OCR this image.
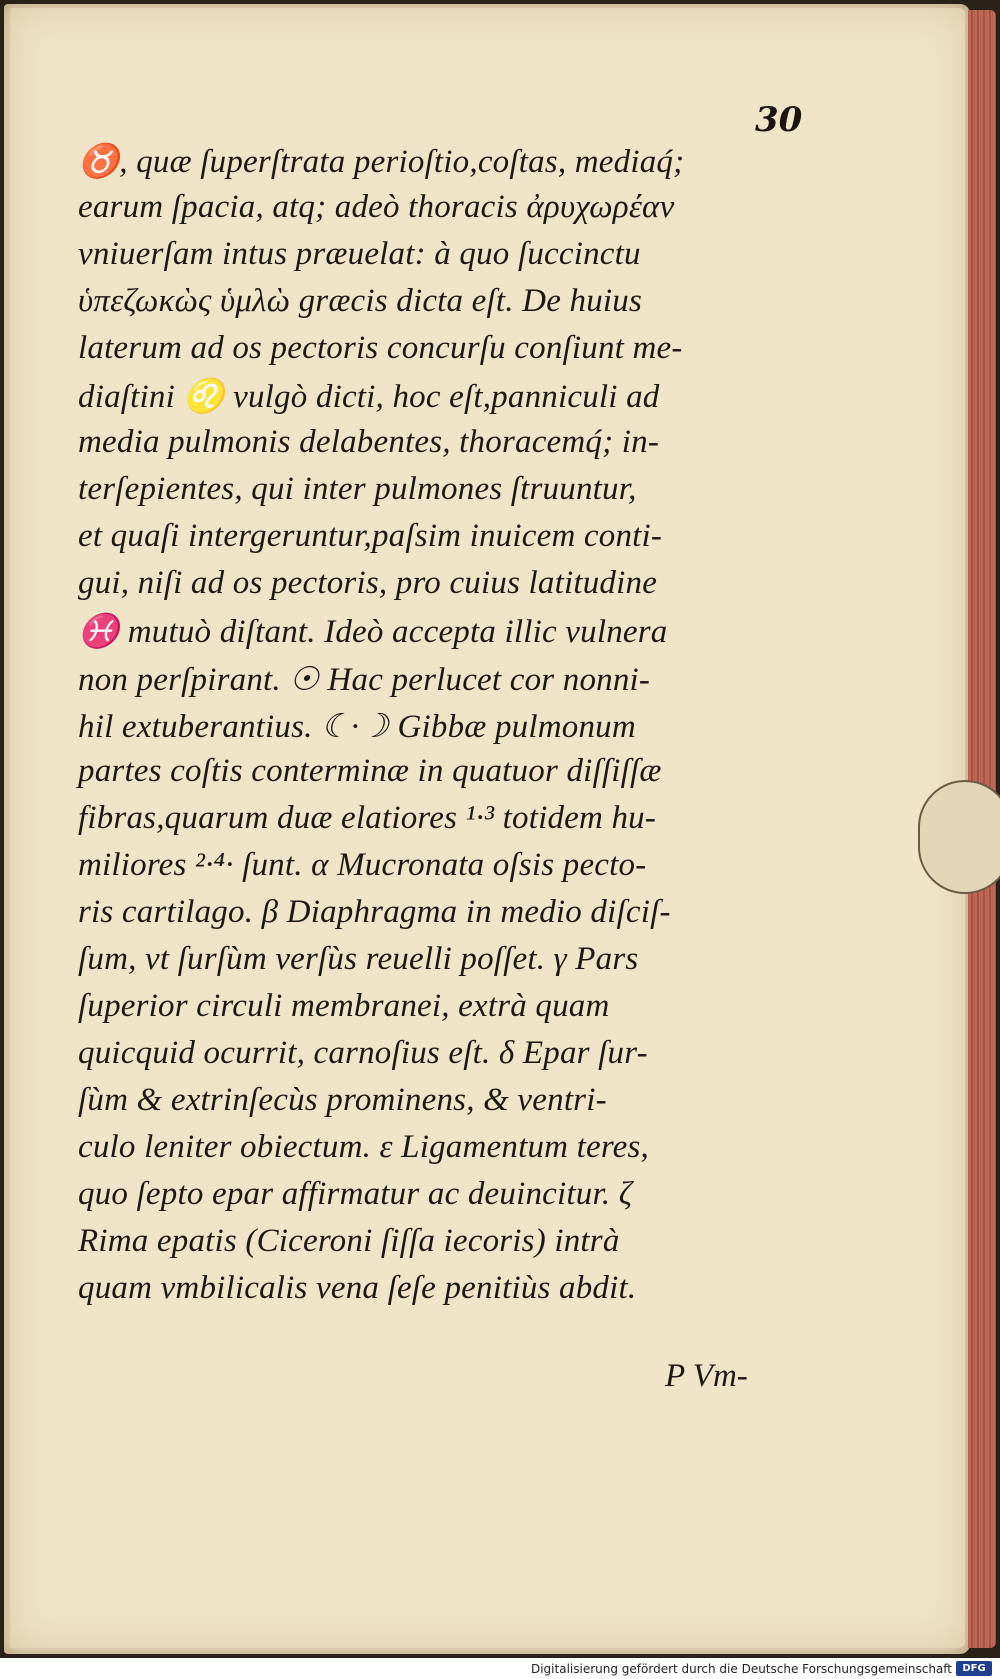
30
♉, quæ ſuperſtrata perioſtio,coſtas, mediaq́;
earum ſpacia, atq; adeò thoracis ἀρυχωρέαν
vniuerſam intus præuelat: à quo ſuccinctu
ὑπεζωκὼς ὑμλὼ græcis dicta eſt. De huius
laterum ad os pectoris concurſu conſiunt me-
diaſtini ♌ vulgò dicti, hoc eſt,panniculi ad
media pulmonis delabentes, thoracemq́; in-
terſepientes, qui inter pulmones ſtruuntur,
et quaſi intergeruntur,paſsim inuicem conti-
gui, niſi ad os pectoris, pro cuius latitudine
♓ mutuò diſtant. Ideò accepta illic vulnera
non perſpirant. ☉ Hac perlucet cor nonni-
hil extuberantius. ☾·☽ Gibbæ pulmonum
partes coſtis conterminæ in quatuor diſſiſſæ
fibras,quarum duæ elatiores ¹·³ totidem hu-
miliores ²·⁴· ſunt. α Mucronata oſsis pecto-
ris cartilago. β Diaphragma in medio diſciſ-
ſum, vt ſurſùm verſùs reuelli poſſet. γ Pars
ſuperior circuli membranei, extrà quam
quicquid ocurrit, carnoſius eſt. δ Epar ſur-
ſùm & extrinſecùs prominens, & ventri-
culo leniter obiectum. ε Ligamentum teres,
quo ſepto epar affirmatur ac deuincitur. ζ
Rima epatis (Ciceroni ſiſſa iecoris) intrà
quam vmbilicalis vena ſeſe penitiùs abdit.
P Vm-
Digitalisierung gefördert durch die Deutsche Forschungsgemeinschaft	DFG
